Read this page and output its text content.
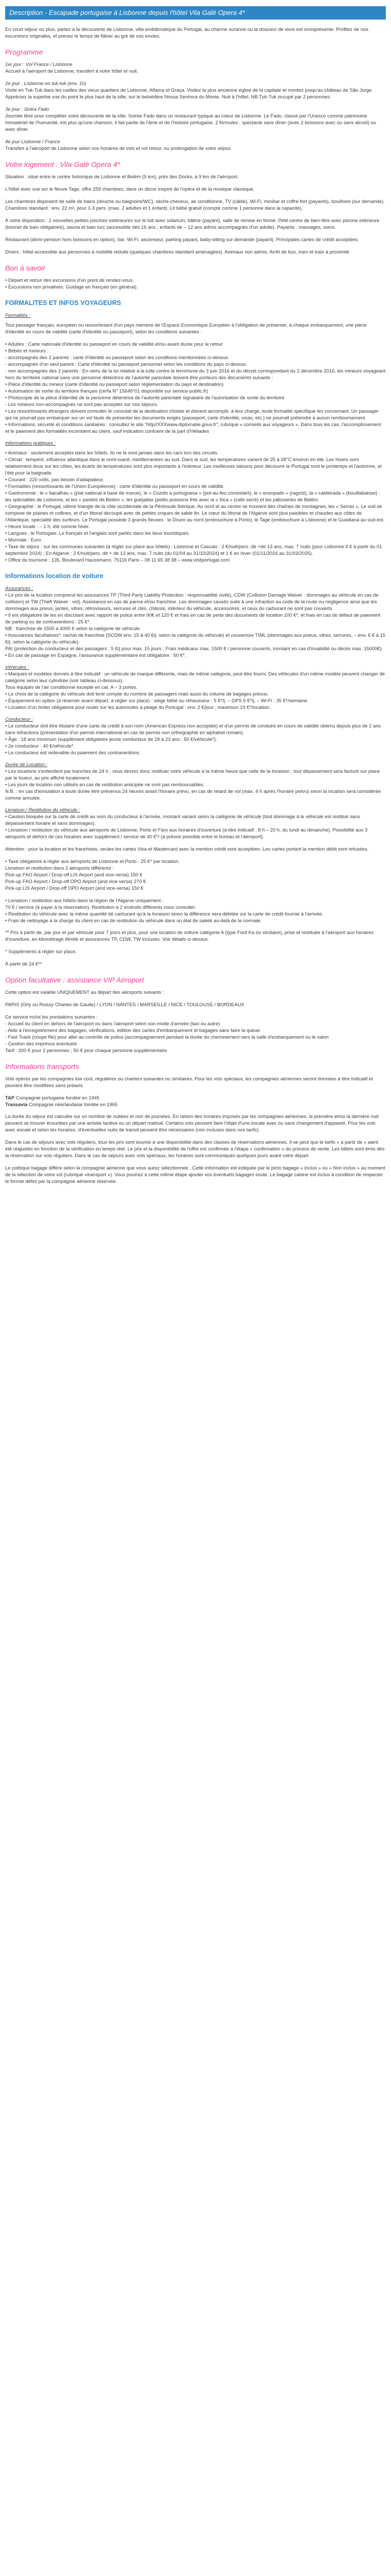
Description - Escapade portugaise à Lisbonne depuis l'hôtel Vila Galé Opera 4*

En court séjour ou plus, partez à la découverte de Lisbonne, ville emblématique du Portugal, au charme suranné ou la douceur de vivre est omniprésente. Profitez de nos excursions originales, et prenez le temps de flâner au gré de vos envies.

Programme

1er jour : Vol France / Lisbonne
Accueil à l'aéroport de Lisbonne, transfert à votre hôtel et nuit.

2e jour : Lisbonne en tuk-tuk (env. 1h)
Visite en Tuk-Tuk dans les ruelles des vieux quartiers de Lisbonne, Alfama et Graça. Visitez la plus ancienne église de la capitale et montez jusqu'au château de São Jorge. Appréciez la superbe vue du point le plus haut de la ville, sur le belvédère Nossa Senhora do Monte. Nuit à l'hôtel. NB:Tuk-Tuk occupé par 2 personnes.

3e jour : Sintra Fado
Journée libre pour compléter votre découverte de la ville. Soirée Fado dans un restaurant typique au coeur de Lisbonne. Le Fado, classé par l'Unesco comme patrimoine immatériel de l'humanité, est plus qu'une chanson, il fait partie de l'âme et de l'histoire portugaise. 2 formules : spectacle sans dîner (avec 2 boissons avec ou sans alcool) ou avec dîner.

4e jour Lisbonne / France
Transfert à l'aéroport de Lisbonne selon vos horaires de vols et vol retour, ou prolongation de votre séjour.

Votre logement : Vila Galé Opera 4*

Situation : situé entre le centre historique de Lisbonne et Belém (5 km), près des Docks, à 9 km de l'aéroport.

L'hôtel avec vue sur le fleuve Tage, offre 259 chambres, dans un décor inspiré de l'opéra et de la musique classique.

Les chambres disposent de salle de bains (douche ou baignoire/WC), sèche-cheveux, air conditionné, TV (câble), Wi-Fi, minibar et coffre-fort (payants), bouilloire (sur demande). Chambres standard : env. 22 m², pour 1-3 pers. (max. 2 adultes et 1 enfant). Lit bébé gratuit (compte comme 1 personne dans la capacité).

À votre disposition : 2 nouvelles petites piscines extérieures sur le toit avec solarium, bâtiné (payant), salle de remise en forme. Petit centre de bien-être avec piscine intérieure (bonnet de bain obligatoire), sauna et bain turc (accessible dès 16 ans ; enfants de – 12 ans admis accompagnés d'un adulte). Payants : massages, soins.

Restaurant (demi-pension hors boissons en option), bar. Wi-Fi, ascenseur, parking payant, baby-sitting sur demande (payant). Principales cartes de crédit acceptées.

Divers : hôtel accessible aux personnes à mobilité réduite (quelques chambres standard aménagées). Animaux non admis. Arrêt de bus, tram et train à proximité.

Bon à savoir
• Départ et retour des excursions d'un point de rendez-vous.
• Excursions non privatives. Guidage en français (en général).
FORMALITES ET INFOS VOYAGEURS

Formalités :

Tout passager français, européen ou ressortissant d'un pays membre de l'Espace Economique Européen à l'obligation de présenter, à chaque embarquement, une pièce d'identité en cours de validité (carte d'identité ou passeport), selon les conditions suivantes :

• Adultes : Carte nationale d'identité ou passeport en cours de validité et/ou avant durée pour le retour
• Bébés et mineurs :
- accompagnés des 2 parents : carte d'identité ou passeport selon les conditions mentionnées ci-dessus.
- accompagnés d'un seul parent : Carte d'identité ou passeport personnel selon les conditions du pays ci-dessus.
- non accompagnés des 2 parents : En vertu de la loi relative à la lutte contre le terrorisme du 3 juin 2016 et du décret correspondant du 2 décembre 2016, les mineurs voyageant hors du territoire national sans une personne détentrice de l'autorité parentale doivent être porteurs des documents suivants :
• Pièce d'identité du mineur (carte d'identité ou passeport selon réglementation du pays et destination)
• Autorisation de sortie du territoire français (cerfa N° 15646*01 disponible sur service-public.fr)
• Photocopie de la pièce d'identité de la personne détentrice de l'autorité parentale signataire de l'autorisation de sortie du territoire
- Les mineurs non-accompagnés ne sont pas acceptés sur nos séjours.
• Les ressortissants étrangers doivent consulter le consulat de la destination choisie et doivent accomplir, à leur charge, toute formalité spécifique les concernant. Un passager qui ne pourrait pas embarquer sur un vol faute de présenter les documents exigés (passeport, carte d'identité, visas, etc.) ne pourrait prétendre à aucun remboursement.
• Informations, sécurité et conditions sanitaires : consultez le site "http//XXXwww.diplomatie.gouv.fr", rubrique « conseils aux voyageurs ». Dans tous les cas, l'accomplissement et le paiement des formalités incombent au client, sauf indication contraire de la part d'Héliades

Informations pratiques :

• Animaux : seulement acceptés dans les hôtels. Ils ne le sont jamais dans les cars lors des circuits.
• Climat : tempéré, influence atlantique dans le nord-ouest, méditerranéen au sud. Dans le sud, les températures varient de 25 à 28°C environ en été. Les hivers sont relativement doux sur les côtes, les écarts de températures sont plus importants à l'intérieur. Les meilleures saisons pour découvrir le Portugal sont le printemps et l'automne, et l'été pour la baignade.
• Courant : 220 volts, pas besoin d'adaptateur.
• Formalités (ressortissants de l'Union Européenne) : carte d'identité ou passeport en cours de validité.
• Gastronomie : le « bacalhau » (plat national à base de morue), le « Cozido a portuguesa » (pot-au-feu consistant), le « ensopado » (ragoût), la « caldeirada » (bouillabaisse) : les spécialités de Lisbonne, et les « pastéis de Belém », les guéjadas (petits poissons frits avec la « bica » (café serré) et les pâtisseries de Belém.
• Géographie : le Portugal, ultime triangle de la côte occidentale de la Péninsule Ibérique. Au nord et au centre se trouvent des chaînes de montagnes, les « Serras », Le sud se compose de plaines et collines, et d'un littoral découpé avec de petites criques de sable fin. Le cœur du littoral de l'Algarve sont plus paisibles et chaudes aux côtes de l'Atlantique, spécialité des surfeurs. Le Portugal possède 3 grands fleuves : le Douro au nord (embouchure à Porto), le Tage (embouchure à Lisbonne) et le Guadiana au sud-est.
• Heure locale : – 1 h, été comme hiver.
• Langues : le Portugais. Le français et l'anglais sont parlés dans les lieux touristiques.
• Monnaie : Euro.
• Taxe de séjour : sur les communes suivantes (à régler sur place aux hôtels) : Lisbonne et Cascais : 2 €/nuit/pers. dè +de 13 ans, max. 7 nuits (pour Lisbonne 4 € à partir du 01 septembre 2024) ; En Algarve : 2 €/nuit/pers. dè + de 13 ans, max. 7 nuits (du 01/04 au 31/10/2024) et 1 € en hiver (01/11/2024 au 31/03/2025).
• Office du tourisme : 135, Boulevard Haussmann, 75116 Paris – 08 11 65 38 38 – www.visitportugal.com
Informations location de voiture

Assurances :

• Le prix de la location comprend les assurances TP (Third Party Liability Protection : responsabilité civile), CDW (Collision Damage Waiver : dommages au véhicule en cas de collision) et TW (Theft Waiver : vol). Assistance en cas de panne et/ou franchise. Les dommages causés suite à une infraction au code de la route ou négligence ainsi que les dommages aux pneus, jantes, vitres, rétroviseurs, serrures et clés, châssis, intérieur du véhicule, accessoires, et ceux du carburant ne sont pas couverts.
• Il est obligatoire de les en discutant avec rapport de police entre 90€ et 120 € et frais en cas de perte des documents de location 100 €*, et frais en cas de défaut de paiement de parking ou de contraventions : 25 €*.
NB : franchise de 1500 à 4000 € selon la catégorie de véhicule.
• Assurances facultatives*: rachat de franchise (SCDW env. 15 à 40 €/j. selon la catégorie du véhicule) et couverture TIML (dommages aux pneus, vitres, serrures, – env. 6 € à 15 €/j. selon la catégorie du véhicule).
PAI (protection du conducteur et des passagers : 5 €/j pour max. 15 jours ; Frais médicaux max. 1500 € / personne couverts, montant en cas d'invalidité ou décès max. 15000€).
• En cas de passage en Espagne, l'assurance supplémentaire est obligatoire : 50 €*.

Véhicules :

• Marques et modèles donnés à titre indicatif : un véhicule de marque différente, mais de même catégorie, peut être fourni. Des véhicules d'un même modèle peuvent changer de catégorie selon leur cylindrée (voir tableau ci-dessous).
Tous équipés de l'air conditionné excepté en cat. A – 3 portes.
• Le choix de la catégorie du véhicule doit tenir compte du nombre de passagers mais aussi du volume de bagages prévus.
• Équipement en option (à réserver avant départ, à régler sur place) : siège bébé ou réhausseur : 5 €*/j. – GPS 5 €*/j. – Wi-Fi : 35 €*/semaine.
• Location d'un boiter obligatoire pour rouler sur les autoroutes à péage du Portugal : env. 2 €/jour ; maximum 19 €*/location.

Conducteur :

• Le conducteur doit être titulaire d'une carte de crédit à son nom (American Express non acceptée) et d'un permis de conduire en cours de validité obtenu depuis plus de 2 ans sans infractions (présentation d'un permis international en cas de permis non orthographié en alphabet romain).
• Âge : 18 ans minimum (supplément obligatoire jeune conducteur de 18 à 23 ans : 50 €/véhicule*).
• 2e conducteur : 40 €/véhicule*.
• Le conducteur est redevable du paiement des contraventions.

Durée de Location :

• Les locations s'entendent par tranches de 24 h ; vous devrez donc restituer votre véhicule à la même heure que celle de la livraison ; tout dépassement sera facturé sur place par le loueur, au prix affiché localement.
• Les jours de location non utilisés en cas de restitution anticipée ne sont pas remboursables.
N.B. : en cas d'annulation à toute durée être prévenus 24 heures avant l'horaire prévu, en cas de retard de vol (max. 4 h après l'horaire prévu) sinon la location sera considérée comme annulée.

Livraison / Restitution du véhicule :

• Caution bloquée sur la carte de crédit au nom du conducteur à l'arrivée, montant variant selon la catégorie de véhicule (tout dommage à le véhicule est restitué sans dépassement horaire et sans dommages).
• Livraison / restitution du véhicule aux aéroports de Lisbonne, Porto et Faro aux horaires d'ouverture (à titre indicatif : 8 h – 20 h, du lundi au dimanche). Possibilité aux 3 aéroports et dehors de ces horaires avec supplément / service de 40 €*/ (à prévoir possible entre le bureau et l'aéroport).
Attention : pour la location et les franchises, seules les cartes Visa et Mastercard avec la mention crédit sont acceptées. Les cartes portant la mention débit sont refusées.
• Taxe obligatoire à régler aux aéroports de Lisbonne et Porto : 25 €* par location.
Livraison et restitution dans 2 aéroports différents :
Pick-up FAO Airport / Drop-off LIS Airport (and vice-versa) 150 €
Pick-up FAO Airport / Drop-off OPO Airport (and vice-versa) 270 €
Pick-up LIS Airport / Drop-off OPO Airport (and vice-versa) 150 €
• Livraison / restitution aux hôtels dans la région de l'Algarve uniquement :
70 € / service (à payer à la réservation). Restitution à 2 endroits différents nous consulter.
• Restitution du véhicule avec la même quantité de carburant qu'à la livraison sinon la différence sera débitée sur la carte de crédit fournie à l'arrivée.
• Frais de nettoyage à la charge du client en cas de restitution du véhicule dans un état de saleté au-delà de la normale.

** Prix à partir de, par jour et par véhicule pour 7 jours et plus, pour une location de voiture catégorie A (type Ford Ka ou similaire), prise et restituée à l'aéroport aux horaires d'ouverture, en kilométrage illimité et assurances TP, CDW, TW incluses. Voir détails ci-dessus.

* Suppléments à régler sur place.

À partir de 24 €**

Option facultative : assistance VIP Aéroport

Cette option est valable UNIQUEMENT au départ des aéroports suivants :

PARIS (Orly ou Roissy Charles de Gaulle) / LYON / NANTES / MARSEILLE / NICE / TOULOUSE / BORDEAUX

Ce service inclut les prestations suivantes :

- Accueil du client en dehors de l'aéroport ou dans l'aéroport selon son mode d'arrivée (taxi ou autre)
- Aide à l'enregistrement des bagages, vérifications, édition des cartes d'embarquement et bagages sans faire la queue
- Fast Track (coupe file) pour aller au contrôle de police (accompagnement pendant la durée du cheminement vers la salle d'embarquement ou le salon
- Gestion des imprévus éventuels
Tarif : 200 € pour 2 personnes ; 50 € pour chaque personne supplémentaire
Informations transports

Vols opérés par les compagnies low cost, régulières ou charters suivantes ou similaires. Pour les vols spéciaux, les compagnies aériennes seront données à titre indicatif et peuvent être modifiées sans préavis.

TAP Compagnie portugaise fondée en 1945
Transavia Compagnie néerlandaise fondée en 1965

La durée du séjour est calculée sur un nombre de nuitées et non de journées. En raison des horaires imposés par les compagnies aériennes, la première et/ou la dernière nuit peuvent se trouver écourtées par une arrivée tardive ou un départ matinal. Certains vols peuvent faire l'objet d'une escale avec ou sans changement d'appareil. Pour les vols avec escale et selon les horaires, d'éventuelles nuits de transit peuvent être nécessaires (non incluses dans nos tarifs).

Dans le cas de séjours avec vols réguliers, tous les prix sont soumis à une disponibilité dans des classes de réservations aériennes. Il se peut que le tarifs « à partir de » aient été réajustés en fonction de la vérification en temps réel. Le prix et la disponibilité de l'offre est confirmée à l'étape « confirmation » du process de vente. Les billets sont émis dès la réservation sur vols réguliers. Dans le cas de séjours avec vols spéciaux, les horaires sont communiqués quelques jours avant votre départ.

Le politique bagage diffère selon la compagnie aérienne que vous aurez sélectionnée . Cette information est indiquée par le picto bagage « Inclus » ou « Non inclus » au moment de la sélection de votre vol (rubrique «transport »). Vous pourrez à cette même étape ajouter vos éventuels bagages soute. Le bagage cabine est inclus à condition de respecter le format défini par la compagnie aérienne réservée.
